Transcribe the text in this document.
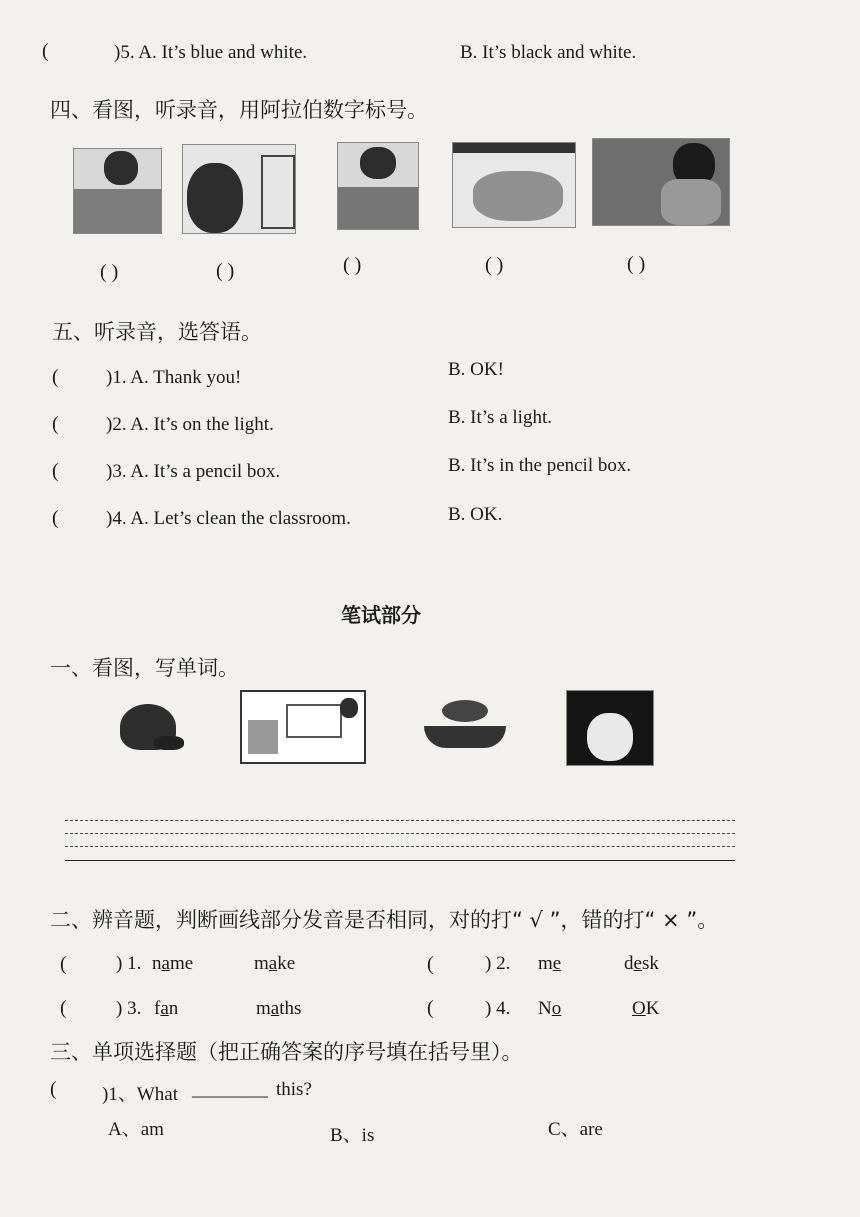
(	)5. A. It’s blue and white.	B. It’s black and white.
四、看图，听录音，用阿拉伯数字标号。
( )	( )	( )	( )	( )
五、听录音，选答语。
( )1. A. Thank you!	B. OK!
( )2. A. It’s on the light.	B. It’s a light.
( )3. A. It’s a pencil box.	B. It’s in the pencil box.
( )4. A. Let’s clean the classroom.	B. OK.
笔试部分
一、看图，写单词。
二、辨音题，判断画线部分发音是否相同，对的打“ √ ”，错的打“ × ”。
(	) 1. name	make	(	) 2. me	desk
(	) 3. fan	maths	(	) 4. No	OK
三、单项选择题（把正确答案的序号填在括号里）。
( )1、What ________ this?
A、am	B、is	C、are
